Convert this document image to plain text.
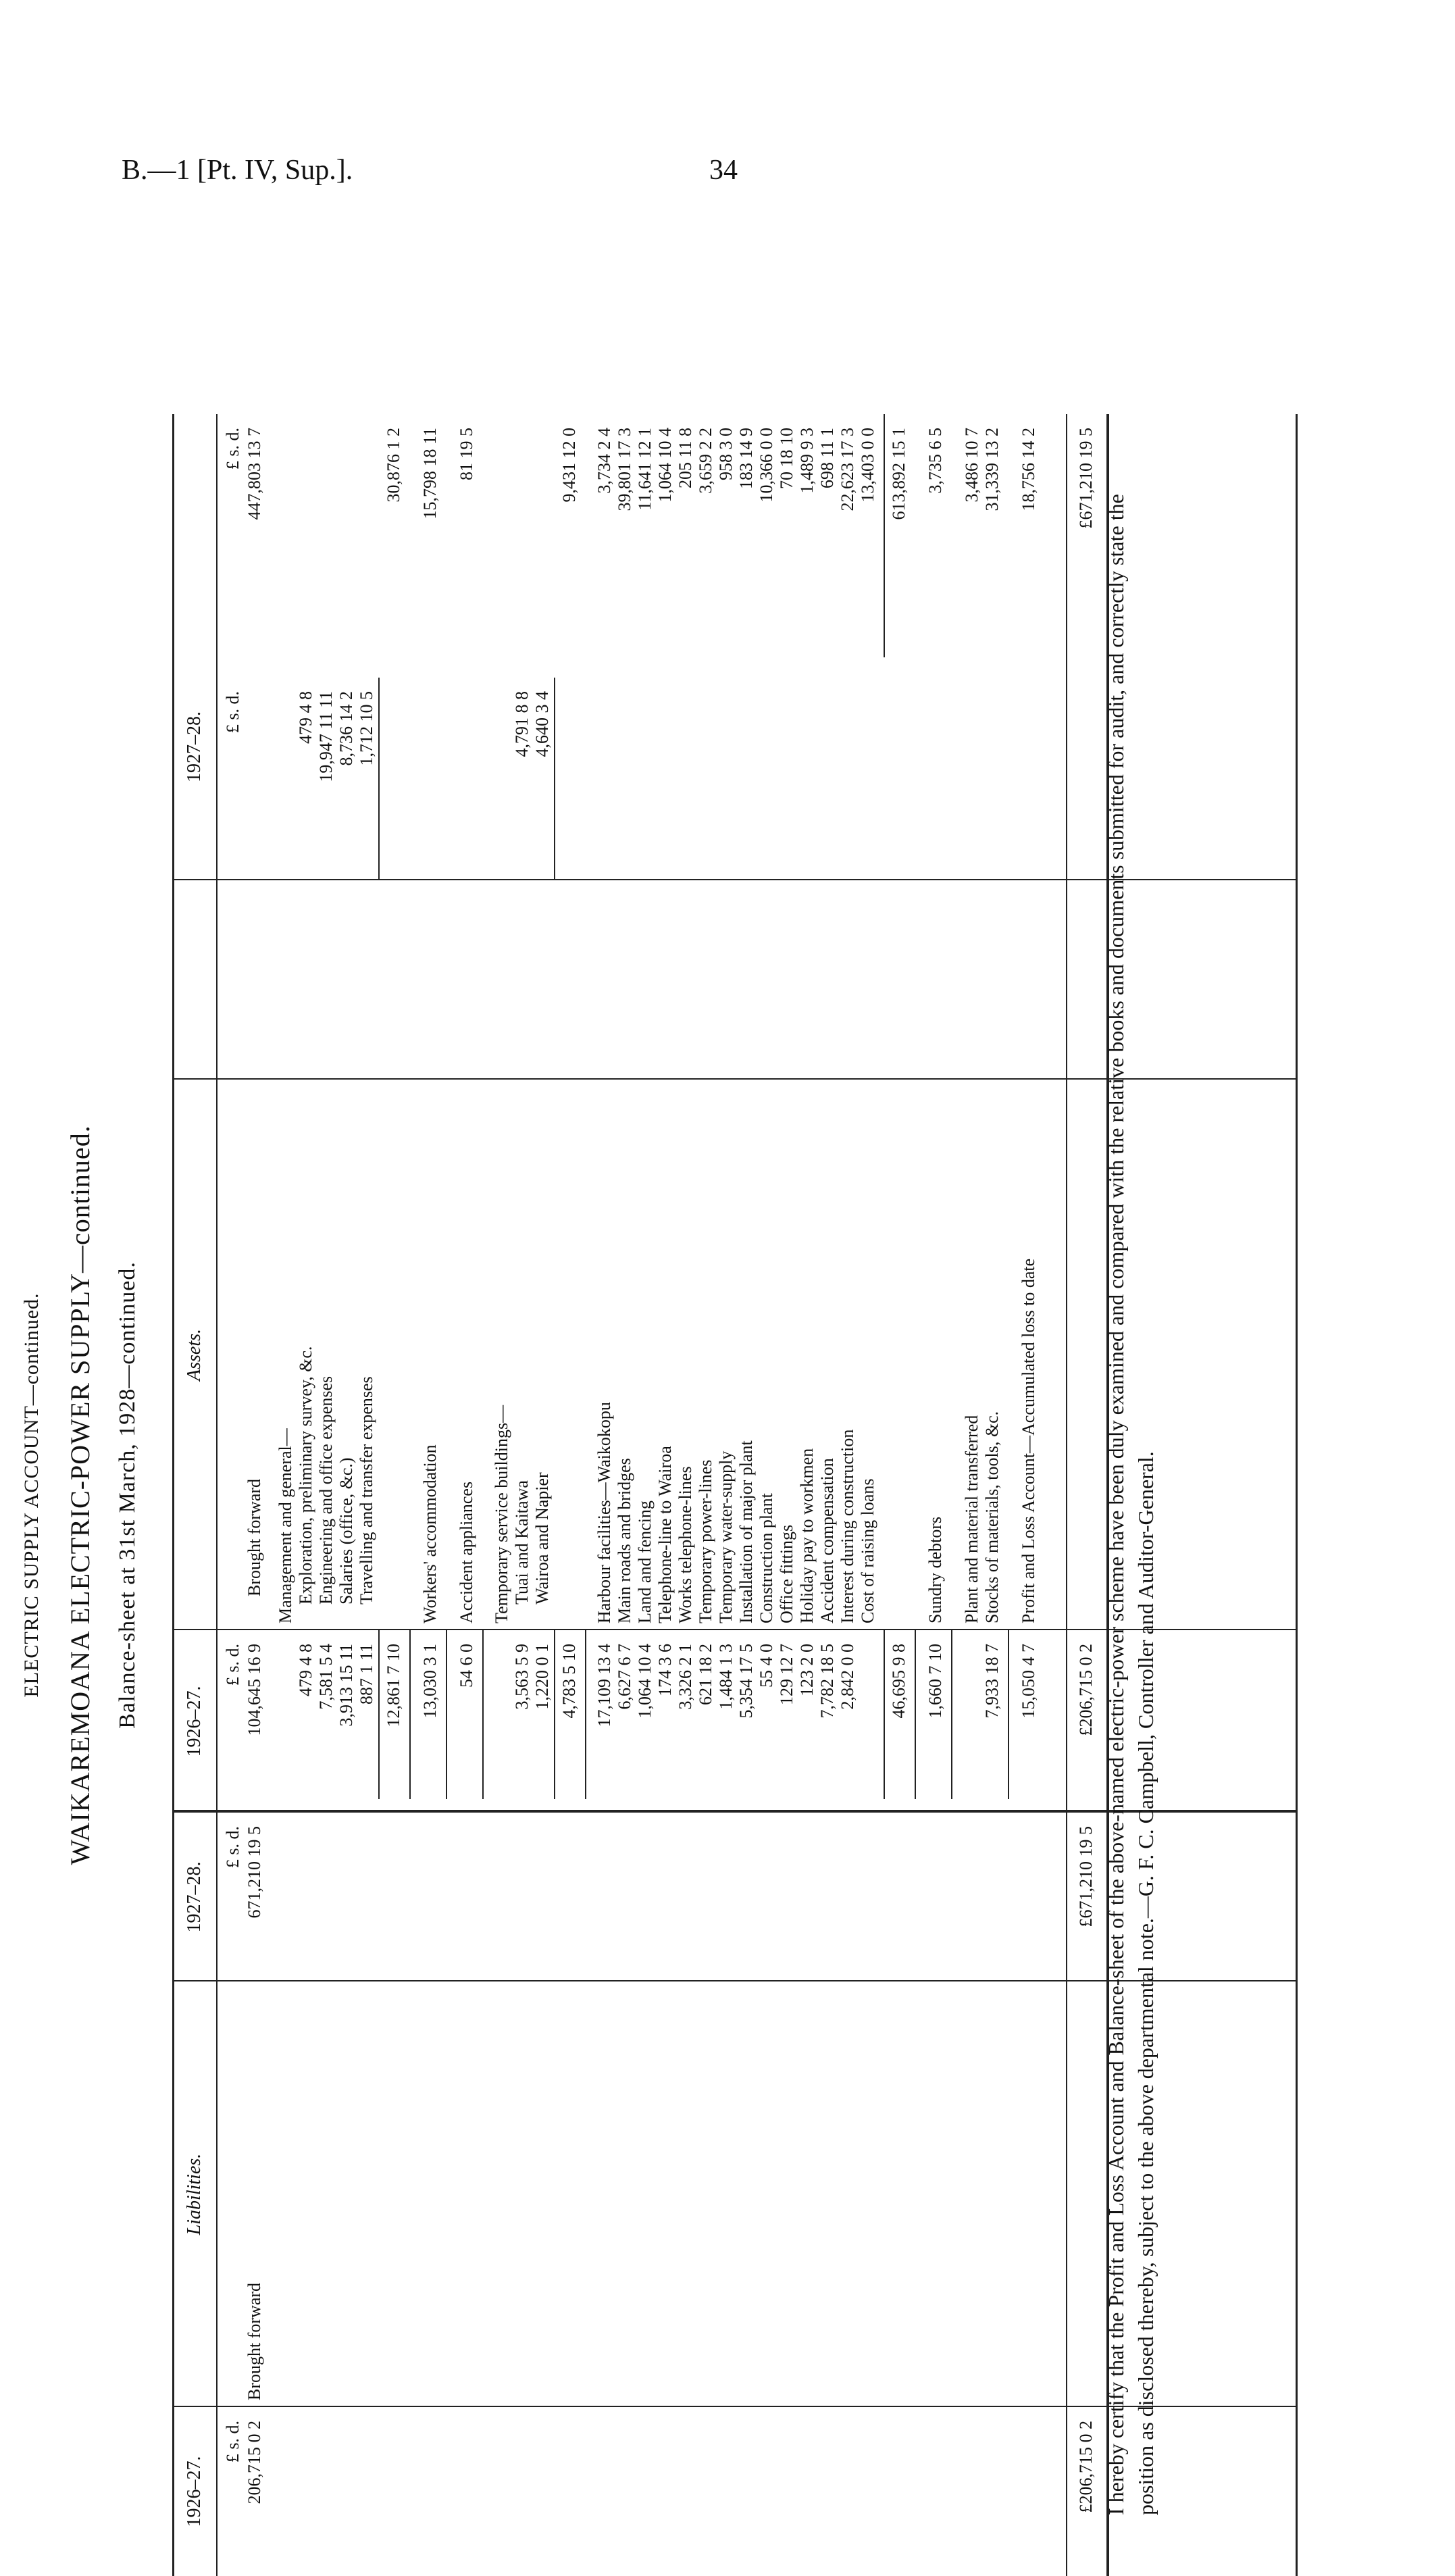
B.—1 [Pt. IV, Sup.].	34
ELECTRIC SUPPLY ACCOUNT—continued. WAIKAREMOANA ELECTRIC-POWER SUPPLY—continued. Balance-sheet at 31st March, 1928—continued.
1926–27.
Liabilities.
1927–28.
1926–27.
Assets.
1927–28.
£ s. d.
£ s. d.
£ s. d.
£ s. d.
£ s. d.
206,715 0 2
Brought forward
671,210 19 5
£206,715 0 2
£671,210 19 5
104,645 16 9
Brought forward
447,803 13 7
Management and general— Exploration, preliminary survey, &c.
479 4 8
479 4 8
Engineering and office expenses
7,581 5 4
19,947 11 11
Salaries (office, &c.)
3,913 15 11
8,736 14 2
Travelling and transfer expenses
887 1 11
1,712 10 5
12,861 7 10
30,876 1 2
Workers' accommodation
13,030 3 1
15,798 18 11
Accident appliances
54 6 0
81 19 5
Temporary service buildings— Tuai and Kaitawa
3,563 5 9
4,791 8 8
Wairoa and Napier
1,220 0 1
4,640 3 4
4,783 5 10
9,431 12 0
Harbour facilities—Waikokopu
17,109 13 4
3,734 2 4
Main roads and bridges
6,627 6 7
39,801 17 3
Land and fencing
1,064 10 4
11,641 12 1
Telephone-line to Wairoa
174 3 6
1,064 10 4
Works telephone-lines
3,326 2 1
205 11 8
Temporary power-lines
621 18 2
3,659 2 2
Temporary water-supply
1,484 1 3
958 3 0
Installation of major plant
5,354 17 5
183 14 9
Construction plant
55 4 0
10,366 0 0
Office fittings
129 12 7
70 18 10
Holiday pay to workmen
123 2 0
1,489 9 3
Accident compensation
7,782 18 5
698 11 1
Interest during construction
2,842 0 0
22,623 17 3
Cost of raising loans
13,403 0 0
46,695 9 8
613,892 15 1
Sundry debtors
1,660 7 10
3,735 6 5
Plant and material transferred
3,486 10 7
Stocks of materials, tools, &c.
7,933 18 7
31,339 13 2
Profit and Loss Account—Accumulated loss to date
15,050 4 7
18,756 14 2
£206,715 0 2
£671,210 19 5
I hereby certify that the Profit and Loss Account and Balance-sheet of the above-named electric-power scheme have been duly examined and compared with the relative books and documents submitted for audit, and correctly state the position as disclosed thereby, subject to the above departmental note.—G. F. C. Campbell, Controller and Auditor-General.
